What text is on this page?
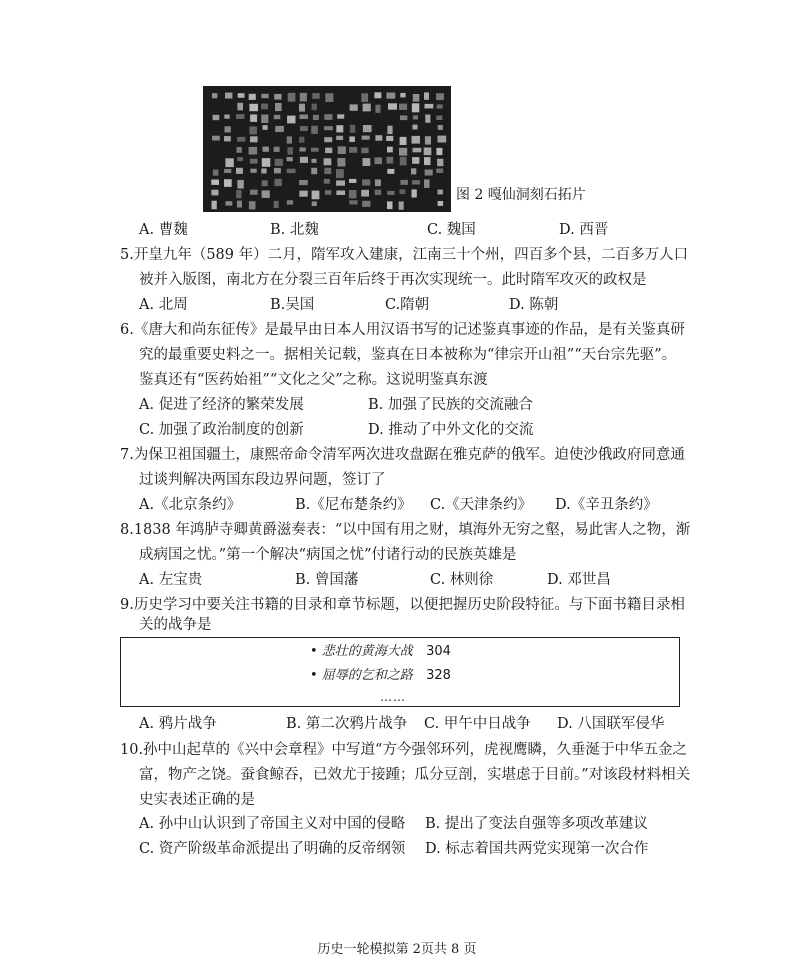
图 2 嘎仙洞刻石拓片
A. 曹魏	B. 北魏	C. 魏国	D. 西晋
5.开皇九年（589 年）二月，隋军攻入建康，江南三十个州，四百多个县，二百多万人口
被并入版图，南北方在分裂三百年后终于再次实现统一。此时隋军攻灭的政权是
A. 北周	B.吴国	C.隋朝	D. 陈朝
6.《唐大和尚东征传》是最早由日本人用汉语书写的记述鉴真事迹的作品，是有关鉴真研
究的最重要史料之一。据相关记载，鉴真在日本被称为“律宗开山祖”“天台宗先驱”。
鉴真还有“医药始祖”“文化之父”之称。这说明鉴真东渡
A. 促进了经济的繁荣发展	B. 加强了民族的交流融合
C. 加强了政治制度的创新	D. 推动了中外文化的交流
7.为保卫祖国疆土，康熙帝命令清军两次进攻盘踞在雅克萨的俄军。迫使沙俄政府同意通
过谈判解决两国东段边界问题，签订了
A.《北京条约》	B.《尼布楚条约》 C.《天津条约》 D.《辛丑条约》
8.1838 年鸿胪寺卿黄爵滋奏表：“以中国有用之财，填海外无穷之壑，易此害人之物，渐
成病国之忧。”第一个解决“病国之忧”付诸行动的民族英雄是
A. 左宝贵	B. 曾国藩	C. 林则徐	D. 邓世昌
9.历史学习中要关注书籍的目录和章节标题，以便把握历史阶段特征。与下面书籍目录相
关的战争是
• 悲壮的黄海大战 304
• 屈辱的乞和之路 328
……
A. 鸦片战争	B. 第二次鸦片战争 C. 甲午中日战争 D. 八国联军侵华
10.孙中山起草的《兴中会章程》中写道“方今强邻环列，虎视鹰瞵，久垂涎于中华五金之
富，物产之饶。蚕食鲸吞，已效尤于接踵；瓜分豆剖，实堪虑于目前。”对该段材料相关
史实表述正确的是
A. 孙中山认识到了帝国主义对中国的侵略 B. 提出了变法自强等多项改革建议
C. 资产阶级革命派提出了明确的反帝纲领 D. 标志着国共两党实现第一次合作
历史一轮模拟第 2页共 8 页
